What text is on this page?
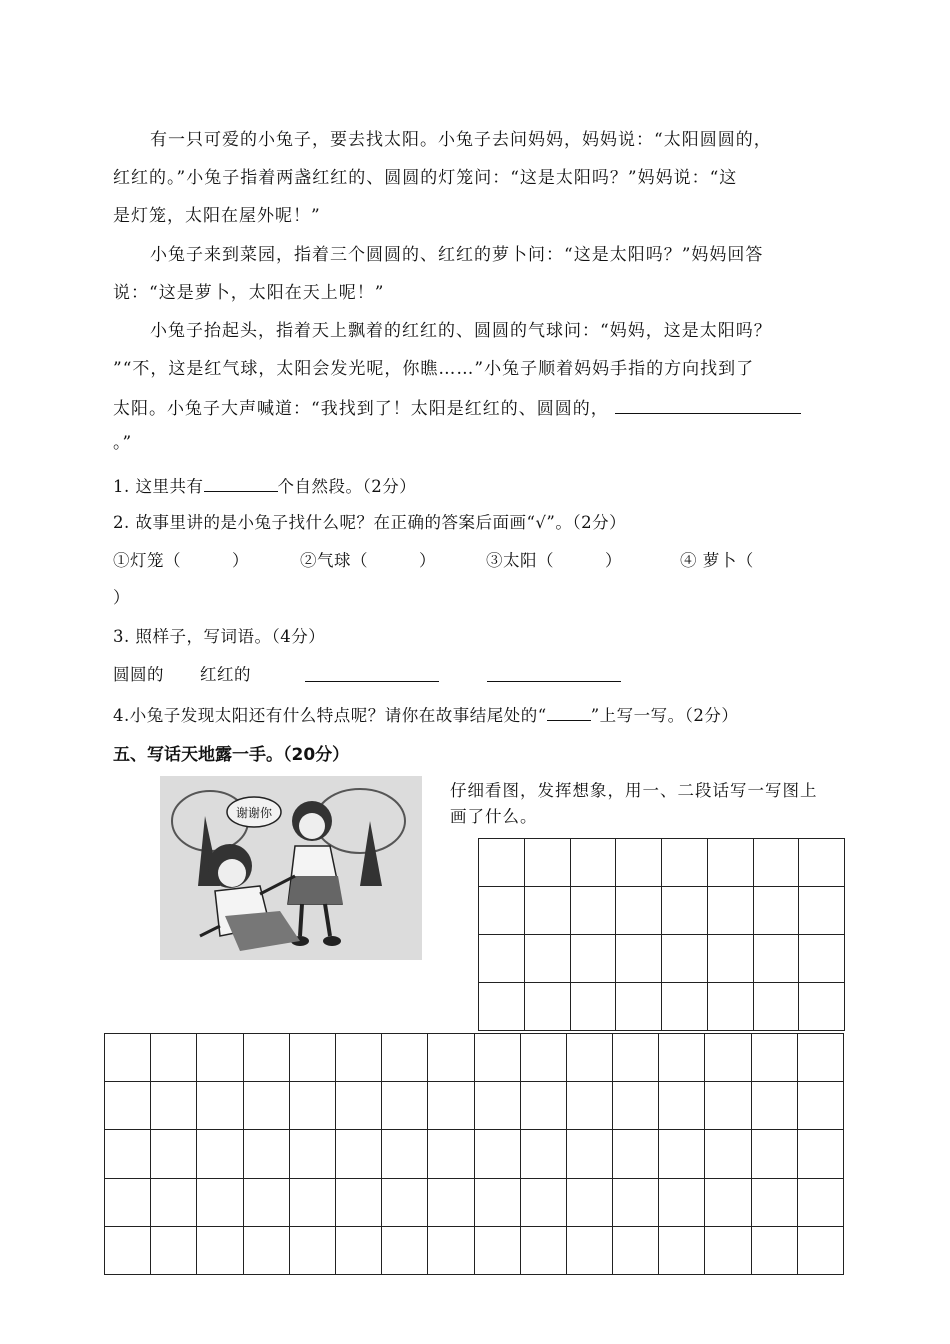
有一只可爱的小兔子，要去找太阳。小兔子去问妈妈，妈妈说：“太阳圆圆的，
红红的。”小兔子指着两盏红红的、圆圆的灯笼问：“这是太阳吗？”妈妈说：“这
是灯笼，太阳在屋外呢！”
小兔子来到菜园，指着三个圆圆的、红红的萝卜问：“这是太阳吗？”妈妈回答
说：“这是萝卜，太阳在天上呢！”
小兔子抬起头，指着天上飘着的红红的、圆圆的气球问：“妈妈，这是太阳吗？
”“不，这是红气球，太阳会发光呢，你瞧……”小兔子顺着妈妈手指的方向找到了
太阳。小兔子大声喊道：“我找到了！太阳是红红的、圆圆的，
。”
1. 这里共有	个自然段。（2分）
2. 故事里讲的是小兔子找什么呢？在正确的答案后面画“√”。（2分）
①灯笼（　　　）	②气球（　　　）	③太阳（　　　）	④ 萝卜（
）
3. 照样子，写词语。（4分）
圆圆的 红红的
4.小兔子发现太阳还有什么特点呢？请你在故事结尾处的“	”上写一写。（2分）
五、写话天地露一手。（20分）
谢谢你
仔细看图，发挥想象，用一、二段话写一写图上画了什么。
